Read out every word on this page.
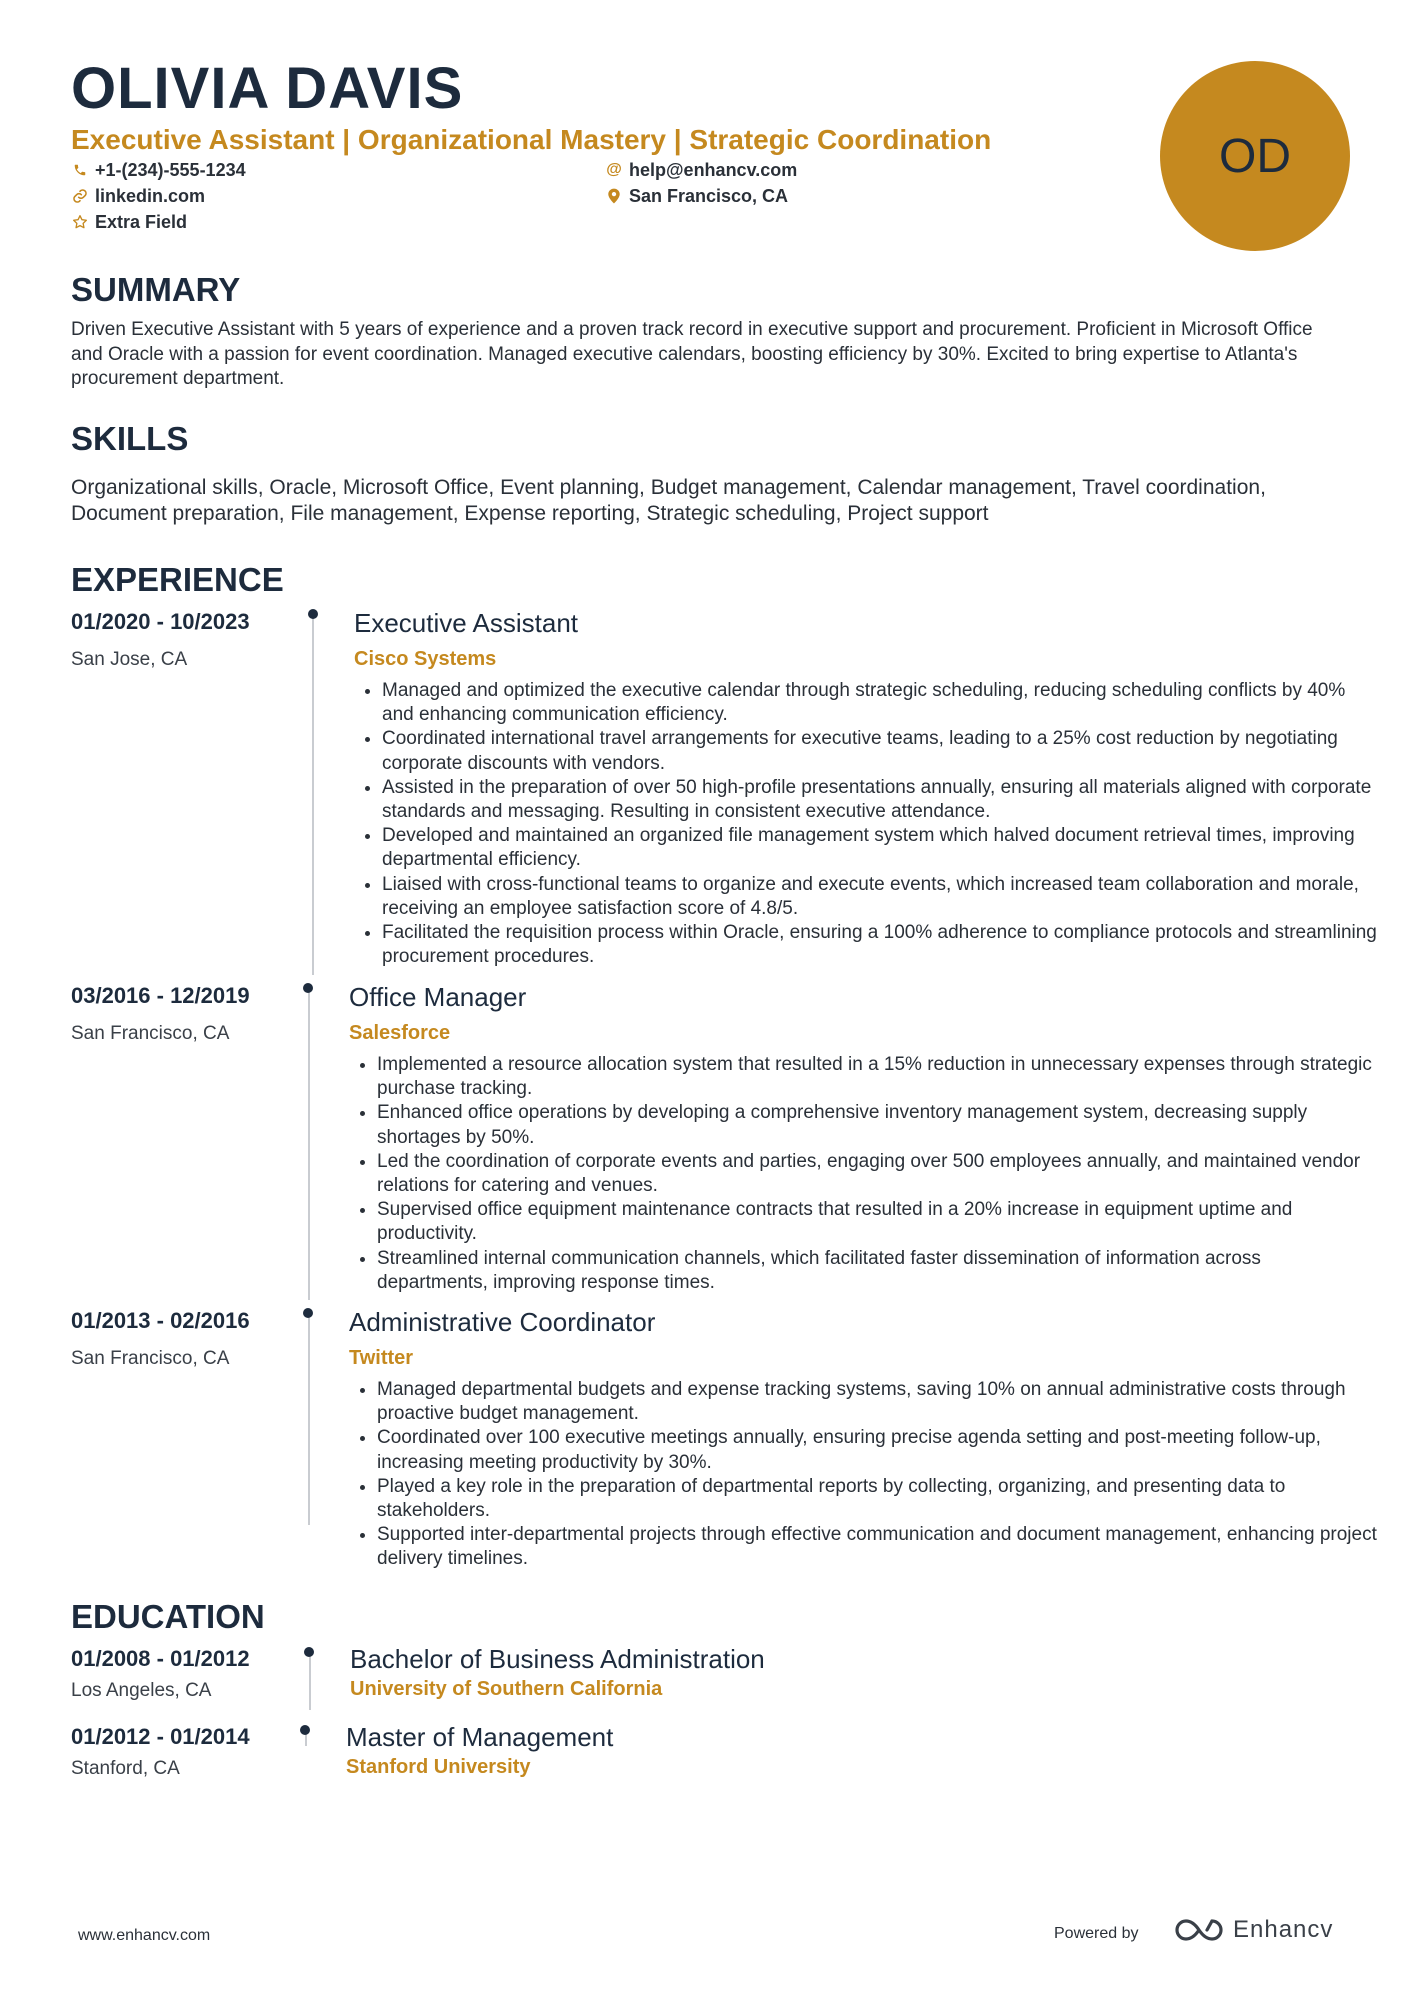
OLIVIA DAVIS
Executive Assistant | Organizational Mastery | Strategic Coordination
+1-(234)-555-1234	@ help@enhancv.com
linkedin.com	San Francisco, CA
Extra Field
OD
SUMMARY

Driven Executive Assistant with 5 years of experience and a proven track record in executive support and procurement. Proficient in Microsoft Office and Oracle with a passion for event coordination. Managed executive calendars, boosting efficiency by 30%. Excited to bring expertise to Atlanta's procurement department.

SKILLS

Organizational skills, Oracle, Microsoft Office, Event planning, Budget management, Calendar management, Travel coordination, Document preparation, File management, Expense reporting, Strategic scheduling, Project support

EXPERIENCE
01/2020 - 10/2023
San Jose, CA
Executive Assistant
Cisco Systems
• Managed and optimized the executive calendar through strategic scheduling, reducing scheduling conflicts by 40% and enhancing communication efficiency.
• Coordinated international travel arrangements for executive teams, leading to a 25% cost reduction by negotiating corporate discounts with vendors.
• Assisted in the preparation of over 50 high-profile presentations annually, ensuring all materials aligned with corporate standards and messaging. Resulting in consistent executive attendance.
• Developed and maintained an organized file management system which halved document retrieval times, improving departmental efficiency.
• Liaised with cross-functional teams to organize and execute events, which increased team collaboration and morale, receiving an employee satisfaction score of 4.8/5.
• Facilitated the requisition process within Oracle, ensuring a 100% adherence to compliance protocols and streamlining procurement procedures.
03/2016 - 12/2019
San Francisco, CA
Office Manager
Salesforce
• Implemented a resource allocation system that resulted in a 15% reduction in unnecessary expenses through strategic purchase tracking.
• Enhanced office operations by developing a comprehensive inventory management system, decreasing supply shortages by 50%.
• Led the coordination of corporate events and parties, engaging over 500 employees annually, and maintained vendor relations for catering and venues.
• Supervised office equipment maintenance contracts that resulted in a 20% increase in equipment uptime and productivity.
• Streamlined internal communication channels, which facilitated faster dissemination of information across departments, improving response times.
01/2013 - 02/2016
San Francisco, CA
Administrative Coordinator
Twitter
• Managed departmental budgets and expense tracking systems, saving 10% on annual administrative costs through proactive budget management.
• Coordinated over 100 executive meetings annually, ensuring precise agenda setting and post-meeting follow-up, increasing meeting productivity by 30%.
• Played a key role in the preparation of departmental reports by collecting, organizing, and presenting data to stakeholders.
• Supported inter-departmental projects through effective communication and document management, enhancing project delivery timelines.
EDUCATION
01/2008 - 01/2012
Los Angeles, CA
Bachelor of Business Administration
University of Southern California
01/2012 - 01/2014
Stanford, CA
Master of Management
Stanford University
www.enhancv.com	Powered by	Enhancv
